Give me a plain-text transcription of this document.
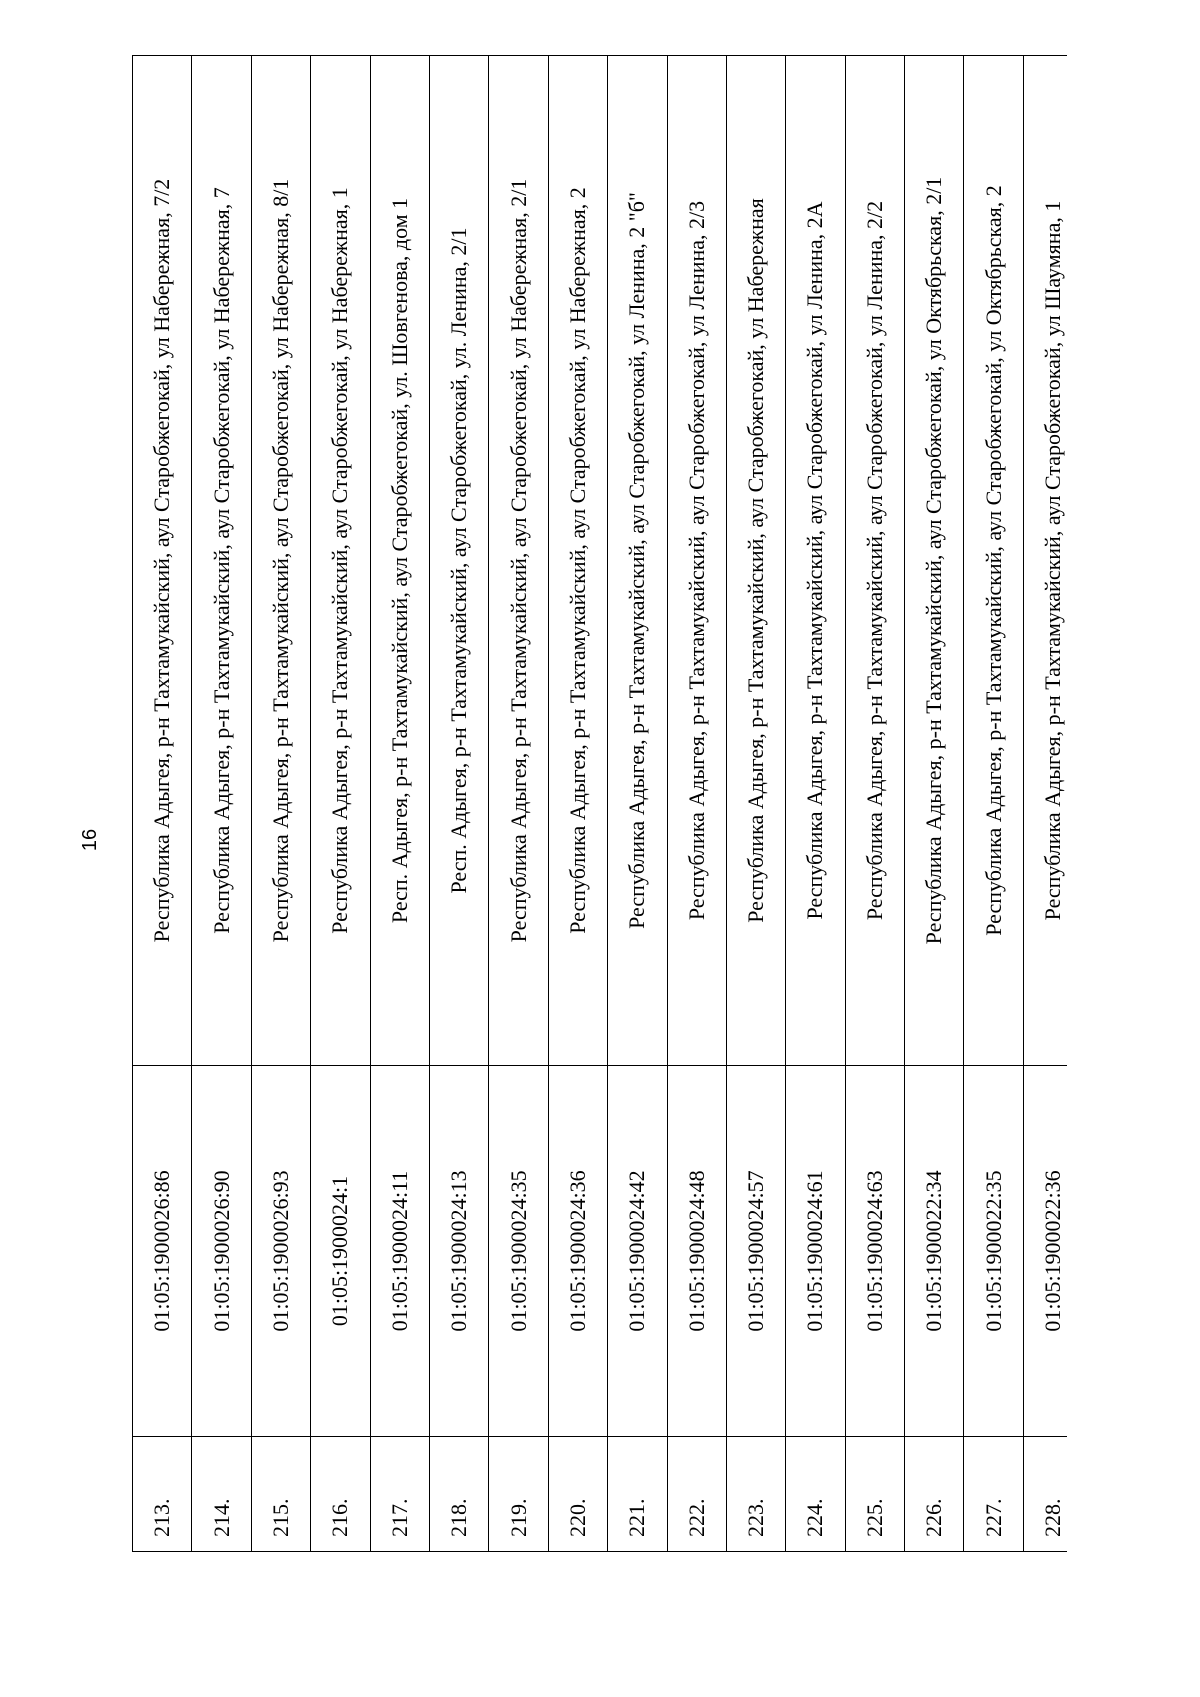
16
213.	01:05:1900026:86	Республика Адыгея, р-н Тахтамукайский, аул Старобжегокай, ул Набережная, 7/2
214.	01:05:1900026:90	Республика Адыгея, р-н Тахтамукайский, аул Старобжегокай, ул Набережная, 7
215.	01:05:1900026:93	Республика Адыгея, р-н Тахтамукайский, аул Старобжегокай, ул Набережная, 8/1
216.	01:05:1900024:1	Республика Адыгея, р-н Тахтамукайский, аул Старобжегокай, ул Набережная, 1
217.	01:05:1900024:11	Респ. Адыгея, р-н Тахтамукайский, аул Старобжегокай, ул. Шовгенова, дом 1
218.	01:05:1900024:13	Респ. Адыгея, р-н Тахтамукайский, аул Старобжегокай, ул. Ленина, 2/1
219.	01:05:1900024:35	Республика Адыгея, р-н Тахтамукайский, аул Старобжегокай, ул Набережная, 2/1
220.	01:05:1900024:36	Республика Адыгея, р-н Тахтамукайский, аул Старобжегокай, ул Набережная, 2
221.	01:05:1900024:42	Республика Адыгея, р-н Тахтамукайский, аул Старобжегокай, ул Ленина, 2 "б"
222.	01:05:1900024:48	Республика Адыгея, р-н Тахтамукайский, аул Старобжегокай, ул Ленина, 2/3
223.	01:05:1900024:57	Республика Адыгея, р-н Тахтамукайский, аул Старобжегокай, ул Набережная
224.	01:05:1900024:61	Республика Адыгея, р-н Тахтамукайский, аул Старобжегокай, ул Ленина, 2А
225.	01:05:1900024:63	Республика Адыгея, р-н Тахтамукайский, аул Старобжегокай, ул Ленина, 2/2
226.	01:05:1900022:34	Республика Адыгея, р-н Тахтамукайский, аул Старобжегокай, ул Октябрьская, 2/1
227.	01:05:1900022:35	Республика Адыгея, р-н Тахтамукайский, аул Старобжегокай, ул Октябрьская, 2
228.	01:05:1900022:36	Республика Адыгея, р-н Тахтамукайский, аул Старобжегокай, ул Шаумяна, 1
